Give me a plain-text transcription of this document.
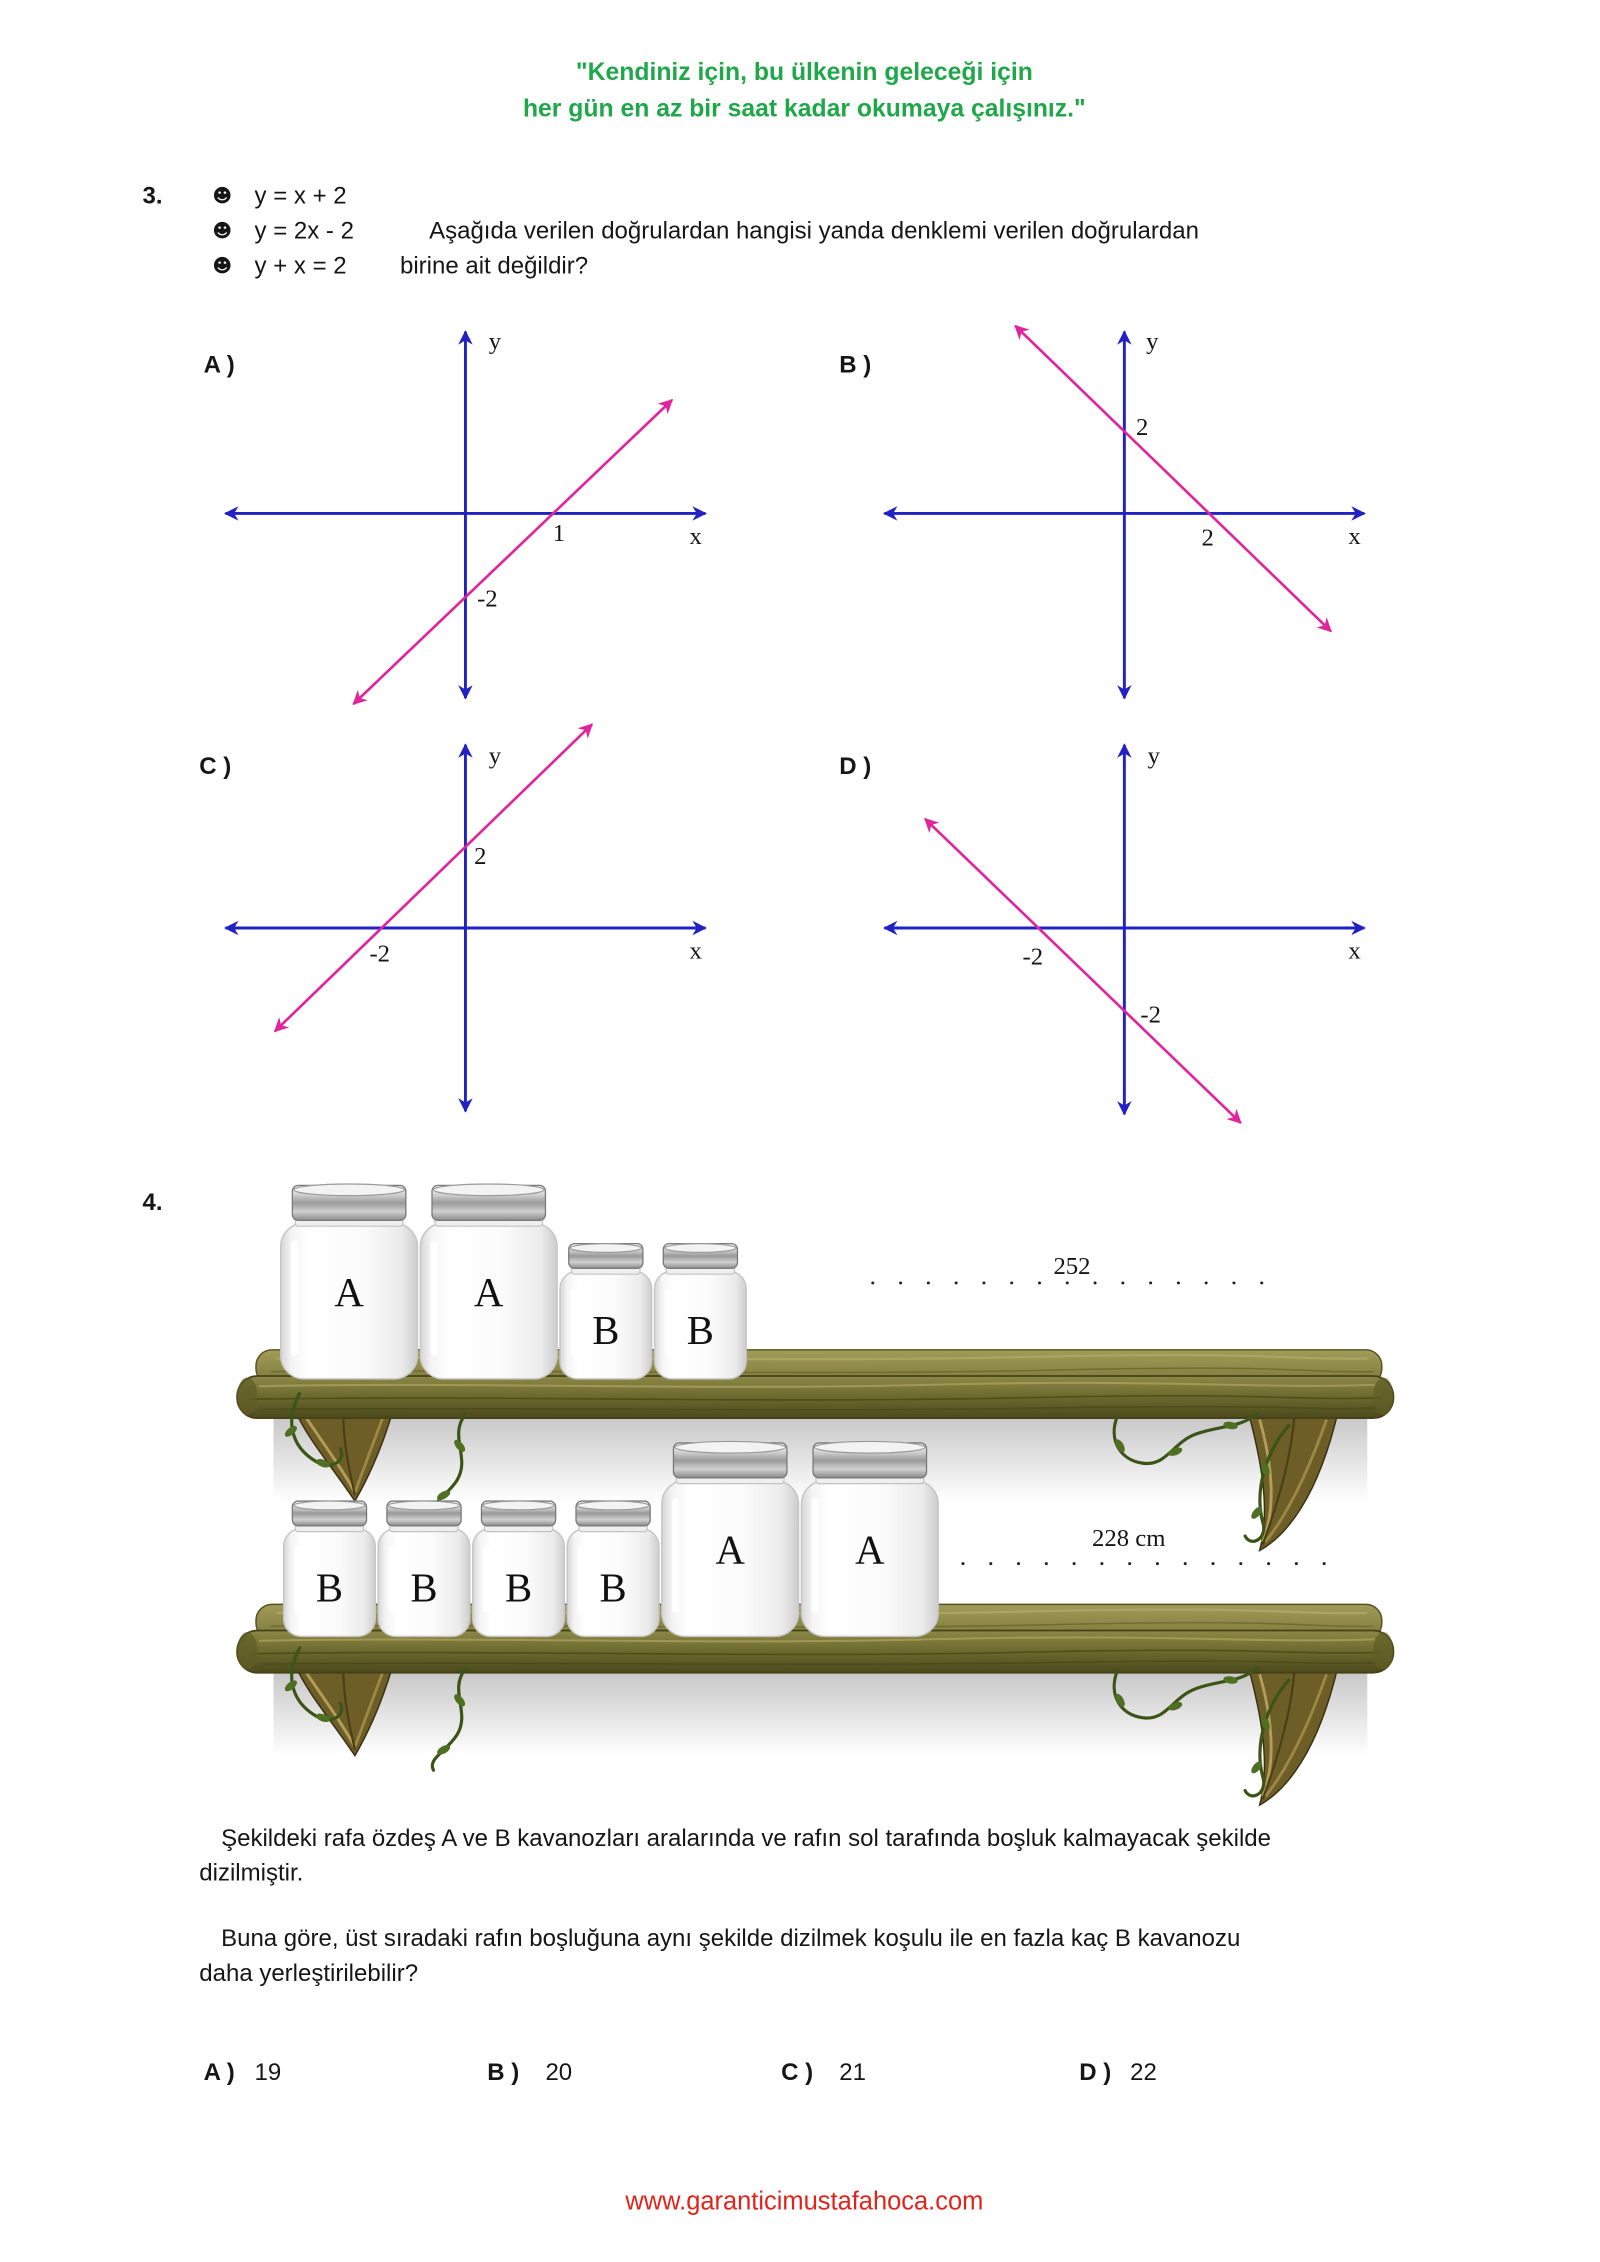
y
x
1
-2
y
x
2
2
y
x
2
-2
y
x
-2
-2
A	A
B B
B B B B
A	A
252
228 cm
"Kendiniz için, bu ülkenin geleceği için
her gün en az bir saat kadar okumaya çalışınız."
3.	☻
☻
☻
y = x + 2
y = 2x - 2
y + x = 2
Aşağıda verilen doğrulardan hangisi yanda denklemi verilen doğrulardan
birine ait değildir?
A )	B )
C )	D )
4.
Şekildeki rafa özdeş A ve B kavanozları aralarında ve rafın sol tarafında boşluk kalmayacak şekilde
dizilmiştir.
Buna göre, üst sıradaki rafın boşluğuna aynı şekilde dizilmek koşulu ile en fazla kaç B kavanozu
daha yerleştirilebilir?
A ) 19	B ) 20	C ) 21	D ) 22
www.garanticimustafahoca.com
